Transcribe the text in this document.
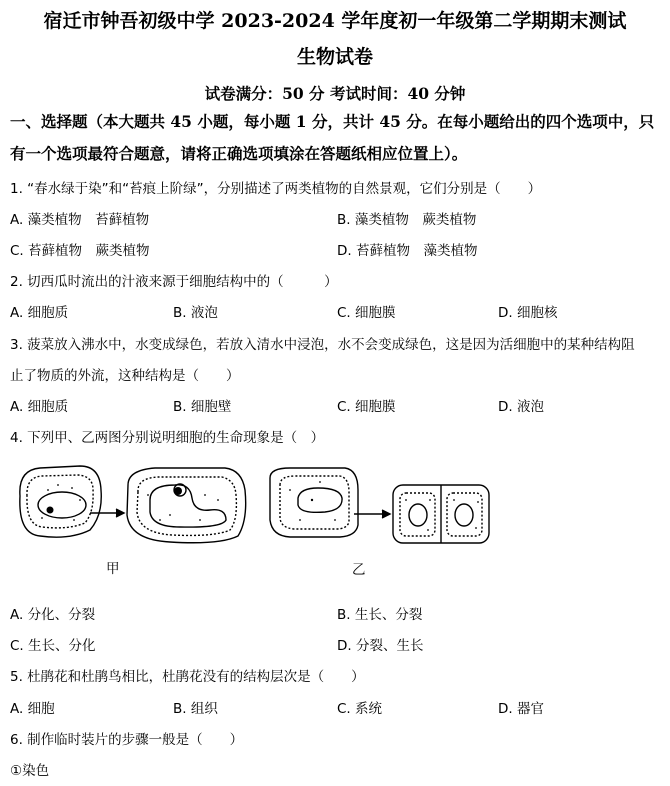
宿迁市钟吾初级中学 2023-2024 学年度初一年级第二学期期末测试
生物试卷
试卷满分：50 分 考试时间：40 分钟
一、选择题（本大题共 45 小题，每小题 1 分，共计 45 分。在每小题给出的四个选项中，只有一个选项最符合题意，请将正确选项填涂在答题纸相应位置上）。
1. “春水绿于染”和“苔痕上阶绿”，分别描述了两类植物的自然景观，它们分别是（　　）
A. 藻类植物　苔藓植物	B. 藻类植物　蕨类植物
C. 苔藓植物　蕨类植物	D. 苔藓植物　藻类植物
2. 切西瓜时流出的汁液来源于细胞结构中的（　　　）
A. 细胞质	B. 液泡	C. 细胞膜	D. 细胞核
3. 菠菜放入沸水中，水变成绿色，若放入清水中浸泡，水不会变成绿色，这是因为活细胞中的某种结构阻
止了物质的外流，这种结构是（　　）
A. 细胞质	B. 细胞壁	C. 细胞膜	D. 液泡
4. 下列甲、乙两图分别说明细胞的生命现象是（　）
甲	乙
A. 分化、分裂	B. 生长、分裂
C. 生长、分化	D. 分裂、生长
5. 杜鹃花和杜鹃鸟相比，杜鹃花没有的结构层次是（　　）
A. 细胞	B. 组织	C. 系统	D. 器官
6. 制作临时装片的步骤一般是（　　）
①染色
